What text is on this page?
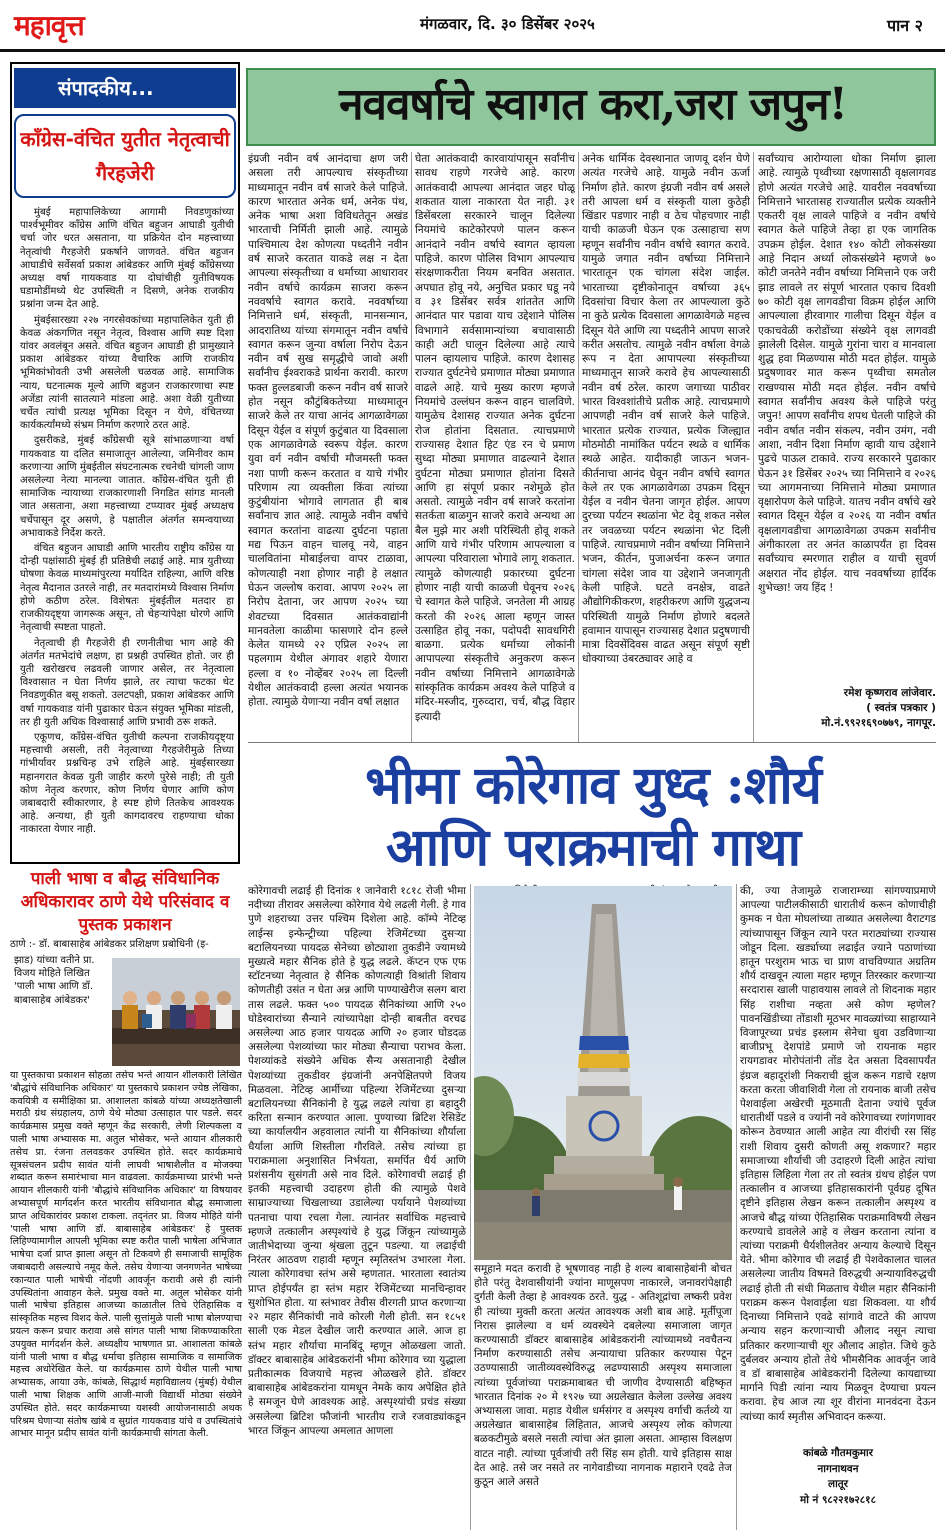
महावृत्त	मंगळवार, दि. ३० डिसेंबर २०२५	पान २
संपादकीय...
काँग्रेस-वंचित युतीत नेतृत्वाची गैरहजेरी

मुंबई महापालिकेच्या आगामी निवडणुकांच्या पार्श्वभूमीवर काँग्रेस आणि वंचित बहुजन आघाडी युतीची चर्चा जोर धरत असताना, या प्रक्रियेत दोन महत्त्वाच्या नेतृत्वांची गैरहजेरी प्रकर्षाने जाणवते. वंचित बहुजन आघाडीचे सर्वेसर्वा प्रकाश आंबेडकर आणि मुंबई काँग्रेसच्या अध्यक्ष वर्षा गायकवाड या दोघांचीही युतीविषयक घडामोडींमध्ये थेट उपस्थिती न दिसणे, अनेक राजकीय प्रश्नांना जन्म देत आहे.

मुंबईसारख्या २२७ नगरसेवकांच्या महापालिकेत युती ही केवळ अंकगणित नसून नेतृत्व, विश्वास आणि स्पष्ट दिशा यांवर अवलंबून असते. वंचित बहुजन आघाडी ही प्रामुख्याने प्रकाश आंबेडकर यांच्या वैचारिक आणि राजकीय भूमिकांभोवती उभी असलेली चळवळ आहे. सामाजिक न्याय, घटनात्मक मूल्ये आणि बहुजन राजकारणाचा स्पष्ट अजेंडा त्यांनी सातत्याने मांडला आहे. अशा वेळी युतीच्या चर्चेत त्यांची प्रत्यक्ष भूमिका दिसून न येणे, वंचितच्या कार्यकर्त्यांमध्ये संभ्रम निर्माण करणारे ठरत आहे.

दुसरीकडे, मुंबई काँग्रेसची सूत्रे सांभाळणाऱ्या वर्षा गायकवाड या दलित समाजातून आलेल्या, जमिनीवर काम करणाऱ्या आणि मुंबईतील संघटनात्मक रचनेची चांगली जाण असलेल्या नेत्या मानल्या जातात. काँग्रेस-वंचित युती ही सामाजिक न्यायाच्या राजकारणाशी निगडित सांगड मानली जात असताना, अशा महत्त्वाच्या टप्प्यावर मुंबई अध्यक्षच चर्चेपासून दूर असणे, हे पक्षातील अंतर्गत समन्वयाच्या अभावाकडे निर्देश करते.

वंचित बहुजन आघाडी आणि भारतीय राष्ट्रीय काँग्रेस या दोन्ही पक्षांसाठी मुंबई ही प्रतिष्ठेची लढाई आहे. मात्र युतीच्या घोषणा केवळ माध्यमांपुरत्या मर्यादित राहिल्या, आणि वरिष्ठ नेतृत्व मैदानात उतरले नाही, तर मतदारांमध्ये विश्वास निर्माण होणे कठीण ठरेल. विशेषतः मुंबईतील मतदार हा राजकीयदृष्ट्या जागरूक असून, तो चेहऱ्यांपेक्षा धोरणे आणि नेतृत्वाची स्पष्टता पाहतो.

नेतृत्वाची ही गैरहजेरी ही रणनीतीचा भाग आहे की अंतर्गत मतभेदांचे लक्षण, हा प्रश्नही उपस्थित होतो. जर ही युती खरोखरच लढवली जाणार असेल, तर नेतृत्वाला विश्वासात न घेता निर्णय झाले, तर त्याचा फटका थेट निवडणुकीत बसू शकतो. उलटपक्षी, प्रकाश आंबेडकर आणि वर्षा गायकवाड यांनी पुढाकार घेऊन संयुक्त भूमिका मांडली, तर ही युती अधिक विश्वासार्ह आणि प्रभावी ठरू शकते.

एकूणच, काँग्रेस-वंचित युतीची कल्पना राजकीयदृष्ट्या महत्त्वाची असली, तरी नेतृत्वाच्या गैरहजेरीमुळे तिच्या गांभीर्यावर प्रश्नचिन्ह उभे राहिले आहे. मुंबईसारख्या महानगरात केवळ युती जाहीर करणे पुरेसे नाही; ती युती कोण नेतृत्व करणार, कोण निर्णय घेणार आणि कोण जबाबदारी स्वीकारणार, हे स्पष्ट होणे तितकेच आवश्यक आहे. अन्यथा, ही युती कागदावरच राहण्याचा धोका नाकारता येणार नाही.

पाली भाषा व बौद्ध संविधानिक अधिकारावर ठाणे येथे परिसंवाद व पुस्तक प्रकाशन
ठाणे :- डॉ. बाबासाहेब आंबेडकर प्रशिक्षण प्रबोधिनी (इ-
झाड) यांच्या वतीने प्रा. विजय मोहिते लिखित 'पाली भाषा आणि डॉ. बाबासाहेब आंबेडकर'
या पुस्तकाचा प्रकाशन सोहळा तसेच भन्ते आयान शीलकारी लिखित 'बौद्धांचे संविधानिक अधिकार' या पुस्तकाचे प्रकाशन ज्येष्ठ लेखिका, कवयित्री व समीक्षिका प्रा. आशालता कांबळे यांच्या अध्यक्षतेखाली मराठी ग्रंथ संग्रहालय, ठाणे येथे मोठ्या उत्साहात पार पडले. सदर कार्यक्रमास प्रमुख वक्ते म्हणून केंद्र सरकारी, लेणी शिल्पकला व पाली भाषा अभ्यासक मा. अतुल भोसेकर, भन्ते आयान शीलकारी तसेच प्रा. रंजना तलवडकर उपस्थित होते. सदर कार्यक्रमाचे सूत्रसंचलन प्रदीप सावंत यांनी लाघवी भाषाशैलीत व मोजक्या शब्दात करून समारंभाचा मान वाढवला. कार्यक्रमाच्या प्रारंभी भन्ते आयान शीलकारी यांनी 'बौद्धांचे संविधानिक अधिकार' या विषयावर अभ्यासपूर्ण मार्गदर्शन करत भारतीय संविधानात बौद्ध समाजाला प्राप्त अधिकारांवर प्रकाश टाकला. तद्नंतर प्रा. विजय मोहिते यांनी 'पाली भाषा आणि डॉ. बाबासाहेब आंबेडकर' हे पुस्तक लिहिण्यामागील आपली भूमिका स्पष्ट करीत पाली भाषेला अभिजात भाषेचा दर्जा प्राप्त झाला असून तो टिकवणे ही समाजाची सामूहिक जबाबदारी असल्याचे नमूद केले. तसेच येणाऱ्या जनगणनेत भाषेच्या रकान्यात पाली भाषेची नोंदणी आवर्जून करावी असे ही त्यांनी उपस्थितांना आवाहन केले. प्रमुख वक्ते मा. अतुल भोसेकर यांनी पाली भाषेचा इतिहास आजच्या काळातील तिचे ऐतिहासिक व सांस्कृतिक महत्त्व विशद केले. पाली सुत्तांमुळे पाली भाषा बोलण्याचा प्रयत्न करून प्रचार करावा असे सांगत पाली भाषा शिकण्याकरिता उपयुक्त मार्गदर्शन केले. अध्यक्षीय भाषणात प्रा. आशालता कांबळे यांनी पाली भाषा व बौद्ध धर्माचा इतिहास सामाजिक व सामाजिक महत्त्व अधोरेखित केले. या कार्यक्रमास ठाणे येथील पाली भाषा अभ्यासक, आयाा उके, कांबळे, सिद्धार्थ महाविद्यालय (मुंबई) येथील पाली भाषा शिक्षक आणि आजी-माजी विद्यार्थी मोठ्या संख्येने उपस्थित होते. सदर कार्यक्रमाच्या यशस्वी आयोजनासाठी अथक परिश्रम घेणाऱ्या संतोष खांबे व सुग्रांत गायकवाड यांचे व उपस्थितांचे आभार मानून प्रदीप सावंत यांनी कार्यक्रमाची सांगता केली.
नववर्षाचे स्वागत करा,जरा जपुन!
इंग्रजी नवीन वर्ष आनंदाचा क्षण जरी असला तरी आपल्याच संस्कृतीच्या माध्यमातून नवीन वर्ष साजरे केले पाहिजे. कारण भारतात अनेक धर्म, अनेक पंथ, अनेक भाषा अशा विविधतेतून अखंड भारताची निर्मिती झाली आहे. त्यामुळे पाश्चिमात्य देश कोणत्या पध्दतीने नवीन वर्ष साजरे करतात याकडे लक्ष न देता आपल्या संस्कृतीच्या व धर्माच्या आधारावर नवीन वर्षाचे कार्यक्रम साजरा करून नववर्षाचे स्वागत करावे. नववर्षाच्या निमित्ताने धर्म, संस्कृती, मानसन्मान, आदरातिथ्य यांच्या संगमातून नवीन वर्षाचे स्वागत करून जुन्या वर्षाला निरोप देऊन नवीन वर्ष सुख समृद्धीचे जावो अशी सर्वांनीच ईश्वराकडे प्रार्थना करावी. कारण फक्त हुल्लडबाजी करून नवीन वर्ष साजरे होत नसून कौटुंबिकतेच्या माध्यमातून साजरे केले तर याचा आनंद आगळावेगळा दिसून येईल व संपूर्ण कुटुंबात या दिवसाला एक आगळावेगळे स्वरूप येईल. कारण युवा वर्ग नवीन वर्षाची मौजमस्ती फक्त नशा पाणी करून करतात व याचे गंभीर परिणाम त्या व्यक्तीला किंवा त्यांच्या कुटुंबीयांना भोगावे लागतात ही बाब सर्वांनाच ज्ञात आहे. त्यामुळे नवीन वर्षाचे स्वागत करतांना वाढत्या दुर्घटना पहाता मद्य पिऊन वाहन चालवू नये, वाहन चालवितांना मोबाईलचा वापर टाळावा, कोणत्याही नशा होणार नाही हे लक्षात घेऊन जल्लोष करावा. आपण २०२५ ला निरोप देताना, जर आपण २०२५ च्या शेवटच्या दिवसात आतंकवाद्यांनी मानवतेला काळीमा फासणारे दोन हल्ले केलेत यामध्ये २२ एप्रिल २०२५ ला पहलगाम येथील अंगावर शहारे येणारा हल्ला व १० नोव्हेंबर २०२५ ला दिल्ली येथील आतंकवादी हल्ला अत्यंत भयानक होता. त्यामुळे येणाऱ्या नवीन वर्षा लक्षात
घेता आतंकवादी कारवायांपासून सर्वांनीच सावध राहणे गरजेचे आहे. कारण आतंकवादी आपल्या आनंदात जहर घोळू शकतात याला नाकारता येत नाही. ३१ डिसेंबरला सरकारने चालून दिलेल्या नियमांचे काटेकोरपणे पालन करून आनंदाने नवीन वर्षाचे स्वागत व्हायला पाहिजे. कारण पोलिस विभाग आपल्याच संरक्षणाकरीता नियम बनवित असतात. अपघात होवू नये, अनुचित प्रकार घडू नये व ३१ डिसेंबर सर्वत्र शांततेत आणि आनंदात पार पडावा याच उद्देशाने पोलिस विभागाने सर्वसामान्यांच्या बचावासाठी काही अटी घालून दिलेल्या आहे त्याचे पालन व्हायलाच पाहिजे. कारण देशासह राज्यात दुर्घटनेचे प्रमाणात मोठ्या प्रमाणात वाढले आहे. याचे मुख्य कारण म्हणजे नियमांचे उल्लंघन करून वाहन चालविणे. यामुळेच देशासह राज्यात अनेक दुर्घटना रोज होतांना दिसतात. त्याचप्रमाणे राज्यासह देशात हिट एंड रन चे प्रमाण सुध्दा मोठ्या प्रमाणात वाढल्याने देशात दुर्घटना मोठ्या प्रमाणात होतांना दिसते आणि हा संपूर्ण प्रकार नशेमुळे होत असतो. त्यामुळे नवीन वर्ष साजरे करतांना सतर्कता बाळगुन साजरे करावे अन्यथा आ बैल मुझे मार अशी परिस्थिती होवू शकते आणि याचे गंभीर परिणाम आपल्याला व आपल्या परिवाराला भोगावे लागू शकतात. त्यामुळे कोणत्याही प्रकारच्या दुर्घटना होणार नाही याची काळजी घेवूनच २०२६ चे स्वागत केले पाहिजे. जनतेला मी आग्रह करतो की २०२६ आला म्हणून जास्त उत्साहित होवू नका, पदोपदी सावधगिरी बाळगा. प्रत्येक धर्माच्या लोकांनी आपापल्या संस्कृतीचे अनुकरण करून नवीन वर्षाच्या निमित्ताने आगळावेगळे सांस्कृतिक कार्यक्रम अवश्य केले पाहिजे व मंदिर-मस्जीद, गुरुव्दारा, चर्च, बौद्ध विहार इत्यादी
अनेक धार्मिक देवस्थानात जाणवू दर्शन घेणे अत्यंत गरजेचे आहे. यामुळे नवीन ऊर्जा निर्माण होते. कारण इंग्रजी नवीन वर्ष असले तरी आपला धर्म व संस्कृती याला कुठेही खिंडार पडणार नाही व ठेच पोहचणार नाही याची काळजी घेऊन एक उत्साहाचा सण म्हणून सर्वांनीच नवीन वर्षाचे स्वागत करावे. यामुळे जगात नवीन वर्षाच्या निमित्ताने भारतातून एक चांगला संदेश जाईल. भारताच्या दृष्टीकोनातून वर्षाच्या ३६५ दिवसांचा विचार केला तर आपल्याला कुठे ना कुठे प्रत्येक दिवसाला आगळावेगळे महत्त्व दिसून येते आणि त्या पध्दतीने आपण साजरे करीत असतोच. त्यामुळे नवीन वर्षाला वेगळे रूप न देता आपापल्या संस्कृतीच्या माध्यमातून साजरे करावे हेच आपल्यासाठी नवीन वर्ष ठरेल. कारण जगाच्या पाठीवर भारत विश्वशांतीचे प्रतीक आहे. त्याचप्रमाणे आपणही नवीन वर्ष साजरे केले पाहिजे. भारतात प्रत्येक राज्यात, प्रत्येक जिल्ह्यात मोठमोठी नामांकित पर्यटन स्थळे व धार्मिक स्थळे आहेत. यादीकाही जाऊन भजन-कीर्तनाचा आनंद घेवून नवीन वर्षाचे स्वागत केले तर एक आगळावेगळा उपक्रम दिसून येईल व नवीन चेतना जागृत होईल. आपण दुरच्या पर्यटन स्थळांना भेट देवू शकत नसेल तर जवळच्या पर्यटन स्थळांना भेट दिली पाहिजे. त्याचप्रमाणे नवीन वर्षाच्या निमित्ताने भजन, कीर्तन, पुजाअर्चना करून जगात चांगला संदेश जाव या उद्देशाने जनजागृती केली पाहिजे. घटते वनक्षेत्र, वाढते औद्योगिकीकरण, शहरीकरण आणि युद्धजन्य परिस्थिती यामुळे निर्माण होणारे बदलते हवामान यापासून राज्यासह देशात प्रदुषणाची मात्रा दिवसेंदिवस वाढत असून संपूर्ण सृष्टी धोक्याच्या उंबरठ्यावर आहे व
सर्वांच्याच आरोग्याला धोका निर्माण झाला आहे. त्यामुळे पृथ्वीच्या रक्षणासाठी वृक्षलागवड होणे अत्यंत गरजेचे आहे. यावरील नववर्षाच्या निमित्ताने भारतासह राज्यातील प्रत्येक व्यक्तीने एकतरी वृक्ष लावले पाहिजे व नवीन वर्षाचे स्वागत केले पाहिजे तेव्हा हा एक जागतिक उपक्रम होईल. देशात १४० कोटी लोकसंख्या आहे निदान अर्ध्या लोकसंख्येने म्हणजे ७० कोटी जनतेने नवीन वर्षाच्या निमित्ताने एक जरी झाड लावले तर संपूर्ण भारतात एकाच दिवशी ७० कोटी वृक्ष लागवडीचा विक्रम होईल आणि आपल्याला हीरवागार गालीचा दिसून येईल व एकाचवेळी करोडोंच्या संख्येने वृक्ष लागवडी झालेली दिसेल. यामुळे गुरांना चारा व मानवाला शुद्ध हवा मिळण्यास मोठी मदत होईल. यामुळे प्रदुषणावर मात करून पृथ्वीचा समतोल राखण्यास मोठी मदत होईल. नवीन वर्षाचे स्वागत सर्वांनीच अवश्य केले पाहिजे परंतु जपुन! आपण सर्वांनीच शपथ घेतली पाहिजे की नवीन वर्षात नवीन संकल्प, नवीन उमंग, नवी आशा, नवीन दिशा निर्माण व्हावी याच उद्देशाने पुढचे पाऊल टाकावे. राज्य सरकारने पुढाकार घेऊन ३१ डिसेंबर २०२५ च्या निमित्ताने व २०२६ च्या आगमनाच्या निमित्ताने मोठ्या प्रमाणात वृक्षारोपण केले पाहिजे. यातच नवीन वर्षाचे खरे स्वागत दिसून येईल व २०२६ या नवीन वर्षात वृक्षलागवडीचा आगळावेगळा उपक्रम सर्वांनीच अंगीकारला तर अनंत काळापर्यंत हा दिवस सर्वांच्याच स्मरणात राहील व याची सुवर्ण अक्षरात नोंद होईल. याच नववर्षाच्या हार्दिक शुभेच्छा! जय हिंद !
रमेश कृष्णराव लांजेवार.
( स्वतंत्र पत्रकार )
मो.नं.९९२१६९०७७९, नागपूर.
भीमा कोरेगाव युध्द :शौर्य
आणि पराक्रमाची गाथा
कोरेगावची लढाई ही दिनांक १ जानेवारी १८१८ रोजी भीमा नदीच्या तीरावर असलेल्या कोरेगाव येथे लढली गेली. हे गाव पुणे शहराच्या उत्तर पश्चिम दिशेला आहे. कॉम्पे नेटिव्ह लाईन्स इन्फेन्ट्रीच्या पहिल्या रेजिमेंटच्या दुसऱ्या बटालियनच्या पायदळ सेनेच्या छोट्याशा तुकडीने ज्यामध्ये मुख्यत्वे महार सैनिक होते हे युद्ध लढले. कॅप्टन एफ एफ स्टॉटनच्या नेतृत्वात हे सैनिक कोणत्याही विश्रांती शिवाय कोणतीही उसंत न घेता अन्न आणि पाण्याखेरीज सलग बारा तास लढले. फक्त ५०० पायदळ सैनिकांच्या आणि २५० घोडेस्वारांच्या सैन्याने त्यांच्यापेक्षा दोन्ही बाबतीत वरचढ असलेल्या आठ हजार पायदळ आणि २० हजार घोडदळ असलेल्या पेशव्यांच्या फार मोठ्या सैन्याचा पराभव केला. पेशव्यांकडे संख्येने अधिक सैन्य असतानाही देखील पेशव्यांच्या तुकडीवर इंग्रजांनी अनपेक्षितपणे विजय मिळवला. नेटिव्ह आर्मीच्या पहिल्या रेजिमेंटच्या दुसऱ्या बटालियनच्या सैनिकांनी हे युद्ध लढले त्यांचा हा बहादुरी करिता सन्मान करण्यात आला. पुण्याच्या ब्रिटिश रेसिडेंट च्या कार्यालयीन अहवालात त्यांनी या सैनिकांच्या शौर्याला धैर्याला आणि शिस्तीला गौरविले. तसेच त्यांच्या हा पराक्रमाला अनुशासित निर्भयता, समर्पित धैर्य आणि प्रशंसनीय सुसंगती असे नाव दिले. कोरेगावची लढाई ही इतकी महत्त्वाची उदाहरण होती की त्यामुळे पेशवे साम्राज्याच्या चिखलाच्या उडालेल्या पर्यायाने पेशव्यांच्या पतनाचा पाया रचला गेला. त्यानंतर सर्वाधिक महत्त्वाचे म्हणजे तत्कालीन अस्पृश्यांचे हे युद्ध जिंकून त्यांच्यामुळे जातीभेदाच्या जुन्या श्रृंखला तुटून पडल्या. या लढाईची निरंतर आठवण राहावी म्हणून स्मृतिस्तंभ उभारला गेला. त्याला कोरेगावचा स्तंभ असे म्हणतात. भारताला स्वातंत्र्य प्राप्त होईपर्यंत हा स्तंभ महार रेजिमेंटच्या मानचिन्हावर सुशोभित होता. या स्तंभावर तेवीस वीरगती प्राप्त करणाऱ्या २२ महार सैनिकांची नावे कोरली गेली होती. सन १८५१ साली एक मेडल देखील जारी करण्यात आले. आज हा स्तंभ महार शौर्याचा मानबिंदू म्हणून ओळखला जातो. डॉक्टर बाबासाहेब आंबेडकरांनी भीमा कोरेगाव च्या युद्धाला प्रतीकात्मक विजयाचे महत्त्व ओळखले होते. डॉक्टर बाबासाहेब आंबेडकरांना यामधून नेमके काय अपेक्षित होते हे समजून घेणे आवश्यक आहे. अस्पृश्यांची प्रचंड संख्या असलेल्या ब्रिटिश फौजांनी भारतीय राजे रजवाड्यांकडून भारत जिंकून आपल्या अमलात आणला
समूहाने मदत करावी हे भूषणावह नाही हे शल्य बाबासाहेबांनी बोचत होते परंतु देशवासीयांनी ज्यांना माणूसपण नाकारले, जनावरांपेक्षाही दुर्गती केली तेव्हा हे आवश्यक ठरते. युद्ध - अतिशूद्रांचा लष्करी प्रवेश ही त्यांच्या मुक्ती करता अत्यंत आवश्यक अशी बाब आहे. मूर्तीपूजा निरास झालेल्या व धर्म व्यवस्थेने दबलेल्या समाजाला जागृत करण्यासाठी डॉक्टर बाबासाहेब आंबेडकरांनी त्यांच्यामध्ये नवचैतन्य निर्माण करण्यासाठी तसेच अन्यायाचा प्रतिकार करण्यास पेटून उठण्यासाठी जातीव्यवस्थेविरुद्ध लढण्यासाठी अस्पृश्य समाजाला त्यांच्या पूर्वजांच्या पराक्रमाबाबत ची जाणीव देण्यासाठी बहिष्कृत भारतात दिनांक २० मे १९२७ च्या अग्रलेखात केलेला उल्लेख अवश्य अभ्यासला जावा. महाड येथील धर्मसंगर व अस्पृश्य वर्गाची कर्तव्ये या अग्रलेखात बाबासाहेब लिहितात, आजचे अस्पृश्य लोक कोणत्या बळकटीमुळे बसले नसती त्यांचा अंत झाला असता. आम्हास विलक्षण वाटत नाही. त्यांच्या पूर्वजांची तरी सिंह सम होती. याचे इतिहास साक्ष देत आहे. तसे जर नसते तर नागेवाडीच्या नागनाक महाराने एवढे तेज कुठून आले असते
की, ज्या तेजामुळे राजाराम्च्या सांगण्याप्रमाणे आपल्या पाटीलकीसाठी धारातीर्थ करून कोणाचीही कुमक न घेता मोघलांच्या ताब्यात असलेल्या वैराटगड त्यांच्यापासून जिंकून त्याने परत मराठ्यांच्या राज्यास जोडून दिला. खर्ड्याच्या लढाईत ज्याने पठाणांच्या हातून परशुराम भाऊ चा प्राण वाचविण्यात अग्रतिम शौर्य दाखवून त्याला महार म्हणून तिरस्कार करणाऱ्या सरदारास खाली पाहावयास लावले तो शिदनाक महार सिंह राशीचा नव्हता असे कोण म्हणेल? पावनखिंडीच्या तोंडाशी मूठभर मावळ्यांच्या साहाय्याने विजापूरच्या प्रचंड इस्लाम सेनेचा धुवा उडविणाऱ्या बाजीप्रभू देशपांडे प्रमाणे जो रायनाक महार रायगडावर मोरोपंतांनी तोंड देत असता दिवसापर्यंत इंग्रज बहादूरांशी निकराची झुंज करून गडाचे रक्षण करता करता जीवाशिवी गेला तो रायनाक बाजी तसेच पेशवाईला अखेरची मूठमाती देताना ज्यांचे पूर्वज धारातीर्थी पडले व ज्यांनी नवे कोरेगावच्या रणांगणावर कोरून ठेवण्यात आली आहेत त्या वीरांची रस सिंह राशी शिवाय दुसरी कोणती असू शकणार? महार समाजाच्या शौर्याची जी उदाहरणे दिली आहेत त्यांचा इतिहास लिहिला गेला तर तो स्वतंत्र ग्रंथच होईल पण तत्कालीन व आजच्या इतिहासकारांनी पूर्वग्रह दूषित दृष्टीने इतिहास लेखन करून तत्कालीन अस्पृश्य व आजचे बौद्ध यांच्या ऐतिहासिक पराक्रमाविषयी लेखन करण्याचे डावलेले आहे व लेखन करताना त्यांना व त्यांच्या पराक्रमी धैर्यशीलतेवर अन्याय केल्याचे दिसून येते. भीमा कोरेगाव ची लढाई ही पेशवेकालात चालत असलेल्या जातीय विषमते विरुद्धची अन्यायाविरुद्धची लढाई होती ती संधी मिळताच येथील महार सैनिकांनी पराक्रम करून पेशवाईला धडा शिकवला. या शौर्य दिनाच्या निमित्ताने एवढे सांगावे वाटते की आपण अन्याय सहन करणाऱ्याची औलाद नसून त्याचा प्रतिकार करणाऱ्याची शूर औलाद आहोत. जिथे कुठे दुर्बलवर अन्याय होतो तेथे भीमसैनिक आवर्जून जावे व डॉ बाबासाहेब आंबेडकरांनी दिलेल्या कायद्याच्या मार्गाने पिडी त्यांना न्याय मिळवून देण्याचा प्रयत्न करावा. हेच आज त्या शूर वीरांना मानवंदना देऊन त्यांच्या कार्य स्मृतीस अभिवादन करूया.
कांबळे गौतमकुमार
नागनाथवन
लातूर
मो नं ९८२२१७२८१८
